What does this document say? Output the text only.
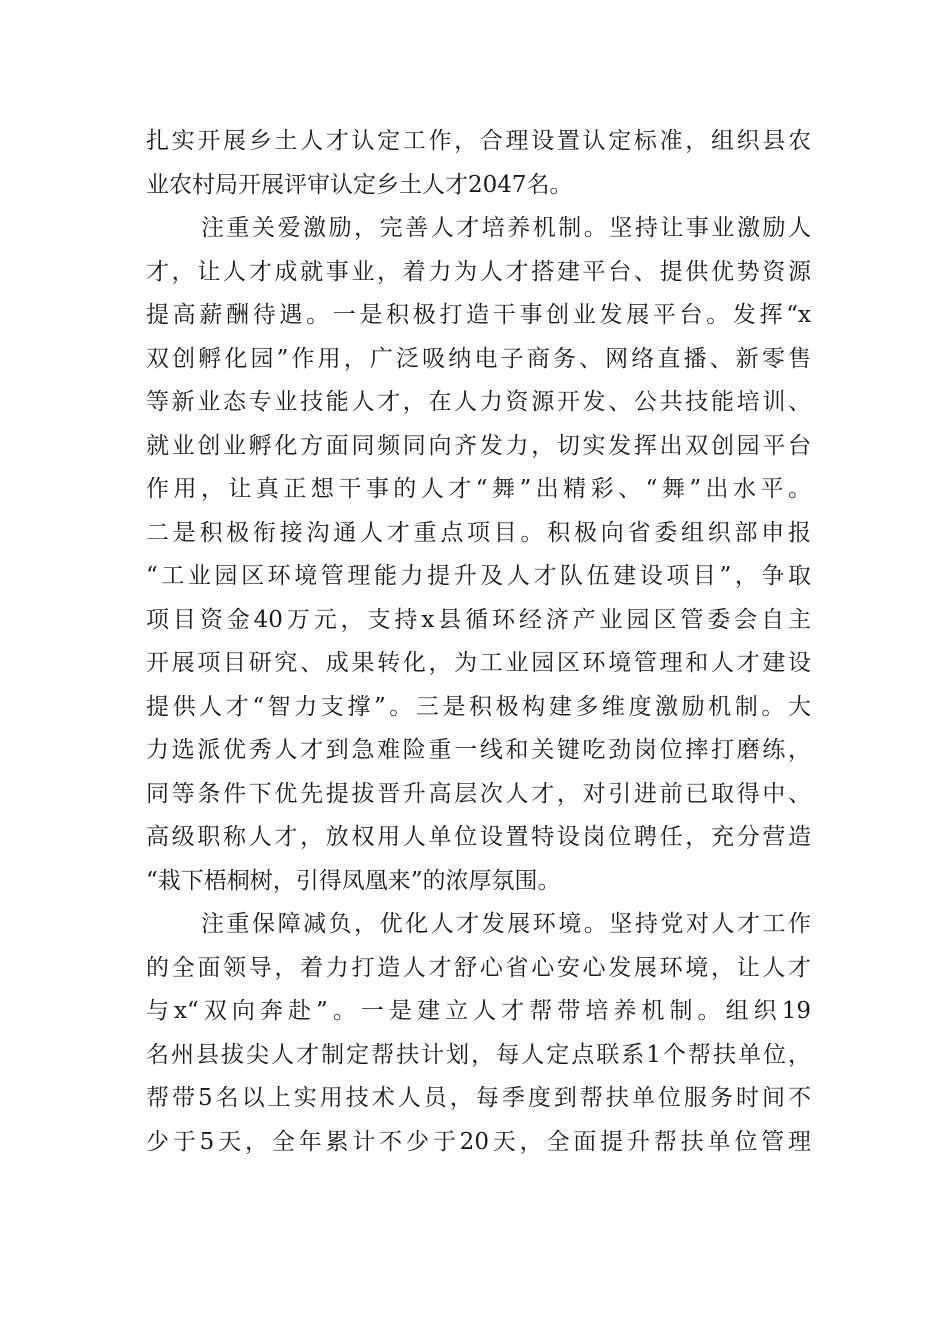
扎实开展乡土人才认定工作，合理设置认定标准，组织县农
业农村局开展评审认定乡土人才2047名。
注重关爱激励，完善人才培养机制。坚持让事业激励人
才，让人才成就事业，着力为人才搭建平台、提供优势资源
提高薪酬待遇。一是积极打造干事创业发展平台。发挥“x
双创孵化园”作用，广泛吸纳电子商务、网络直播、新零售
等新业态专业技能人才，在人力资源开发、公共技能培训、
就业创业孵化方面同频同向齐发力，切实发挥出双创园平台
作用，让真正想干事的人才“舞”出精彩、“舞”出水平。
二是积极衔接沟通人才重点项目。积极向省委组织部申报
“工业园区环境管理能力提升及人才队伍建设项目”，争取
项目资金40万元，支持x县循环经济产业园区管委会自主
开展项目研究、成果转化，为工业园区环境管理和人才建设
提供人才“智力支撑”。三是积极构建多维度激励机制。大
力选派优秀人才到急难险重一线和关键吃劲岗位摔打磨练，
同等条件下优先提拔晋升高层次人才，对引进前已取得中、
高级职称人才，放权用人单位设置特设岗位聘任，充分营造
“栽下梧桐树，引得凤凰来”的浓厚氛围。
注重保障减负，优化人才发展环境。坚持党对人才工作
的全面领导，着力打造人才舒心省心安心发展环境，让人才
与x“双向奔赴”。一是建立人才帮带培养机制。组织19
名州县拔尖人才制定帮扶计划，每人定点联系1个帮扶单位，
帮带5名以上实用技术人员，每季度到帮扶单位服务时间不
少于5天，全年累计不少于20天，全面提升帮扶单位管理
